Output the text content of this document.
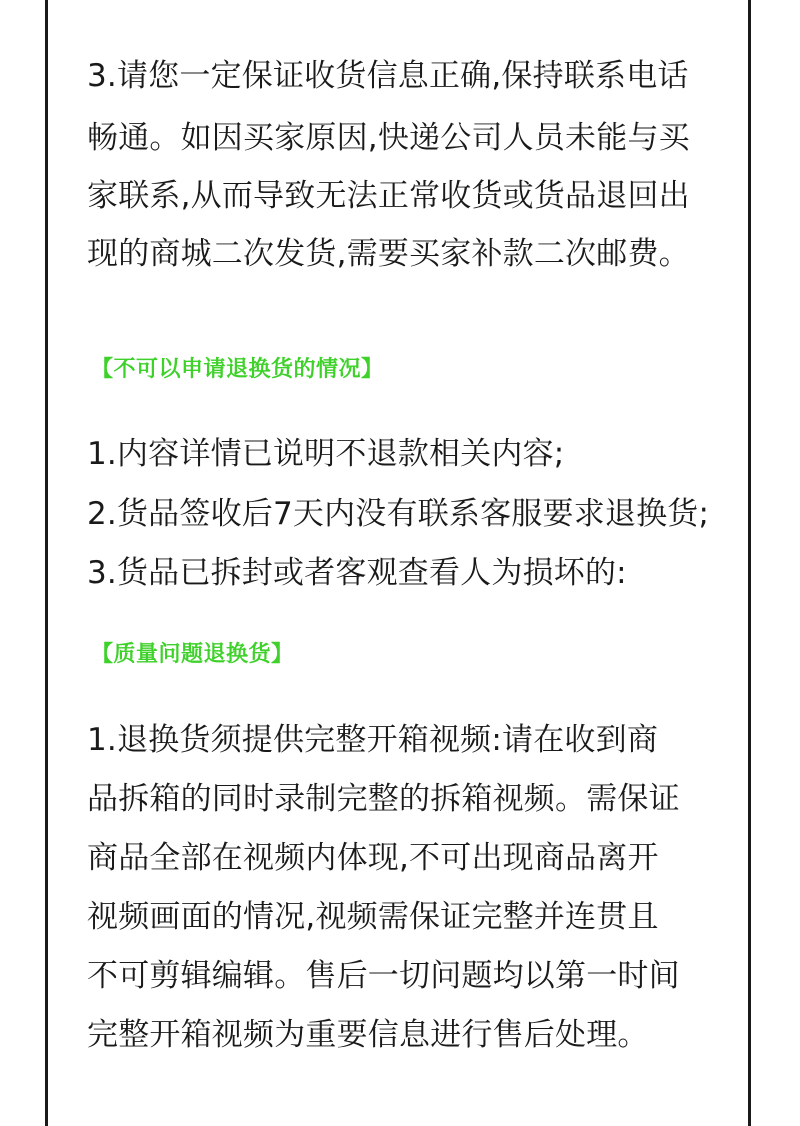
3.请您一定保证收货信息正确,保持联系电话
畅通。如因买家原因,快递公司人员未能与买
家联系,从而导致无法正常收货或货品退回出
现的商城二次发货,需要买家补款二次邮费。
【不可以申请退换货的情况】
1.内容详情已说明不退款相关内容;
2.货品签收后7天内没有联系客服要求退换货;
3.货品已拆封或者客观查看人为损坏的:
【质量问题退换货】
1.退换货须提供完整开箱视频:请在收到商
品拆箱的同时录制完整的拆箱视频。需保证
商品全部在视频内体现,不可出现商品离开
视频画面的情况,视频需保证完整并连贯且
不可剪辑编辑。售后一切问题均以第一时间
完整开箱视频为重要信息进行售后处理。
